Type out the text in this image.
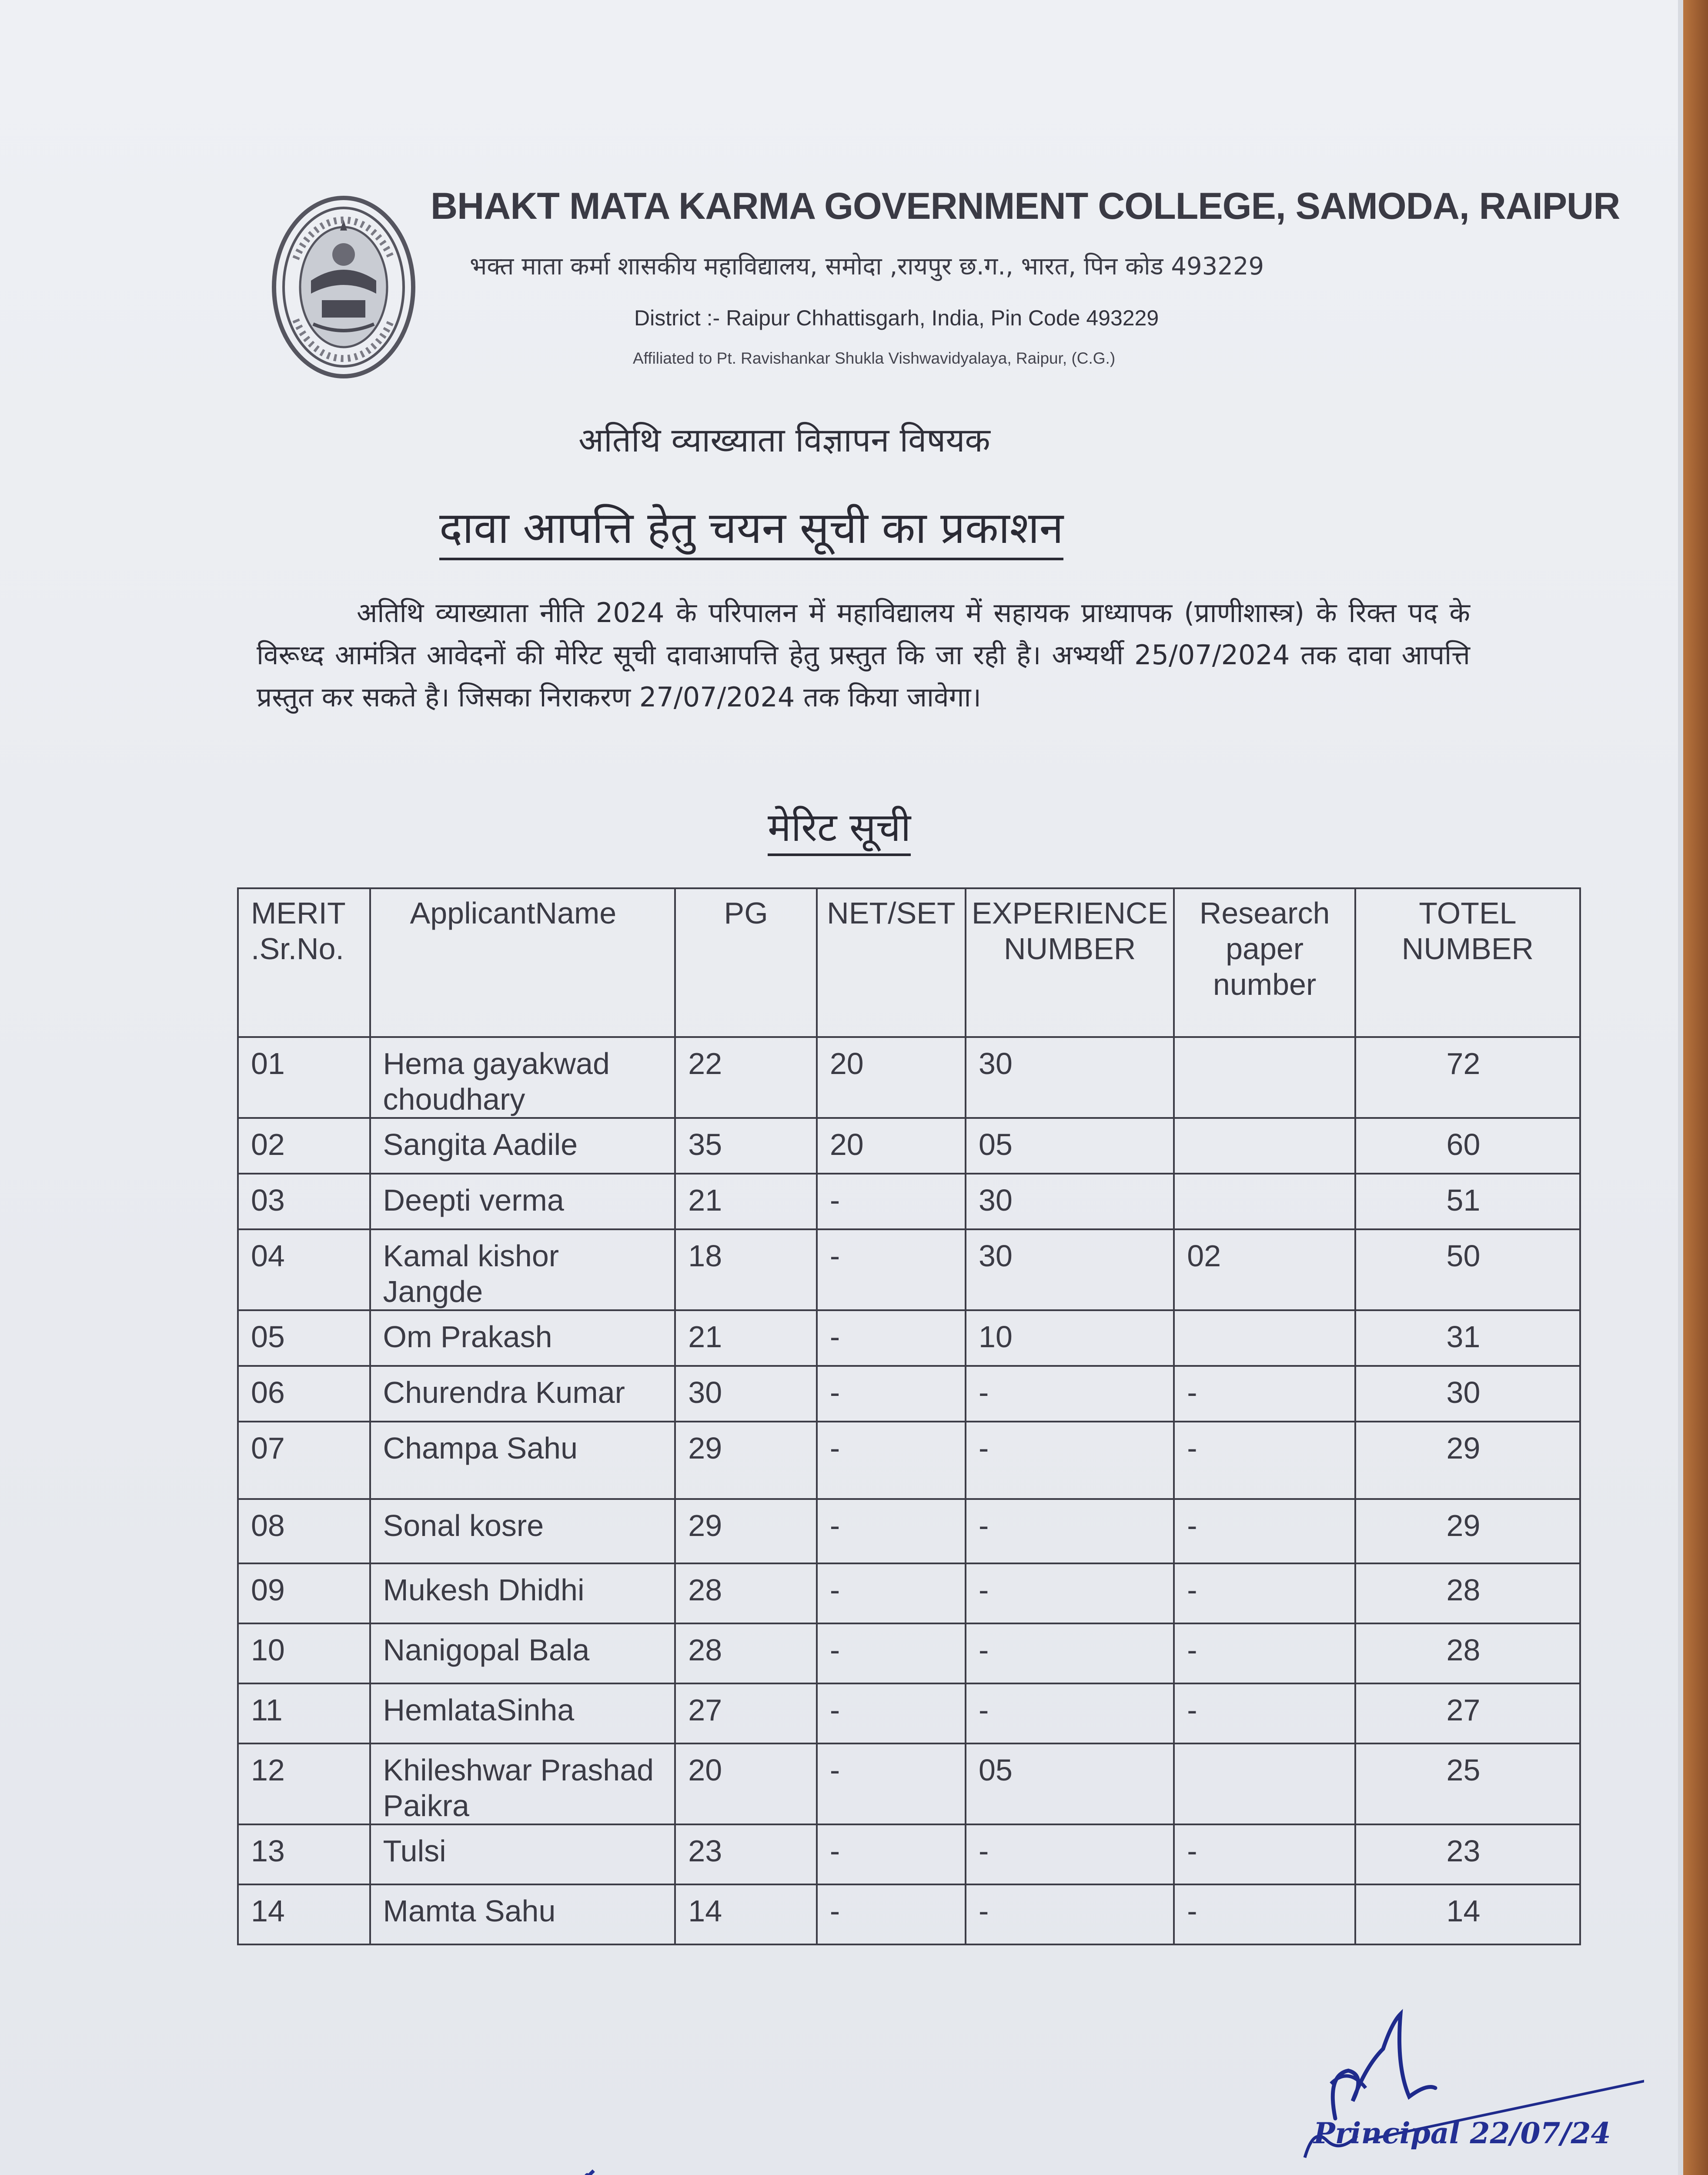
BHAKT MATA KARMA GOVERNMENT COLLEGE, SAMODA, RAIPUR
भक्त माता कर्मा शासकीय महाविद्यालय, समोदा ,रायपुर छ.ग., भारत, पिन कोड 493229
District :- Raipur Chhattisgarh, India, Pin Code 493229
Affiliated to Pt. Ravishankar Shukla Vishwavidyalaya, Raipur, (C.G.)
अतिथि व्याख्याता विज्ञापन विषयक
दावा आपत्ति हेतु चयन सूची का प्रकाशन
अतिथि व्याख्याता नीति 2024 के परिपालन में महाविद्यालय में सहायक प्राध्यापक (प्राणीशास्त्र) के रिक्त पद के विरूध्द आमंत्रित आवेदनों की मेरिट सूची दावाआपत्ति हेतु प्रस्तुत कि जा रही है। अभ्यर्थी 25/07/2024 तक दावा आपत्ति प्रस्तुत कर सकते है। जिसका निराकरण 27/07/2024 तक किया जावेगा।
मेरिट सूची
MERIT .Sr.No.	ApplicantName	PG	NET/SET	EXPERIENCE NUMBER	Research paper number	TOTEL NUMBER
01	Hema gayakwad choudhary	22	20	30		72
02	Sangita Aadile	35	20	05		60
03	Deepti verma	21	-	30		51
04	Kamal kishor Jangde	18	-	30	02	50
05	Om Prakash	21	-	10		31
06	Churendra Kumar	30	-	-	-	30
07	Champa Sahu	29	-	-	-	29
08	Sonal kosre	29	-	-	-	29
09	Mukesh Dhidhi	28	-	-	-	28
10	Nanigopal Bala	28	-	-	-	28
11	HemlataSinha	27	-	-	-	27
12	Khileshwar Prashad Paikra	20	-	05		25
13	Tulsi	23	-	-	-	23
14	Mamta Sahu	14	-	-	-	14
Principal 22/07/24
